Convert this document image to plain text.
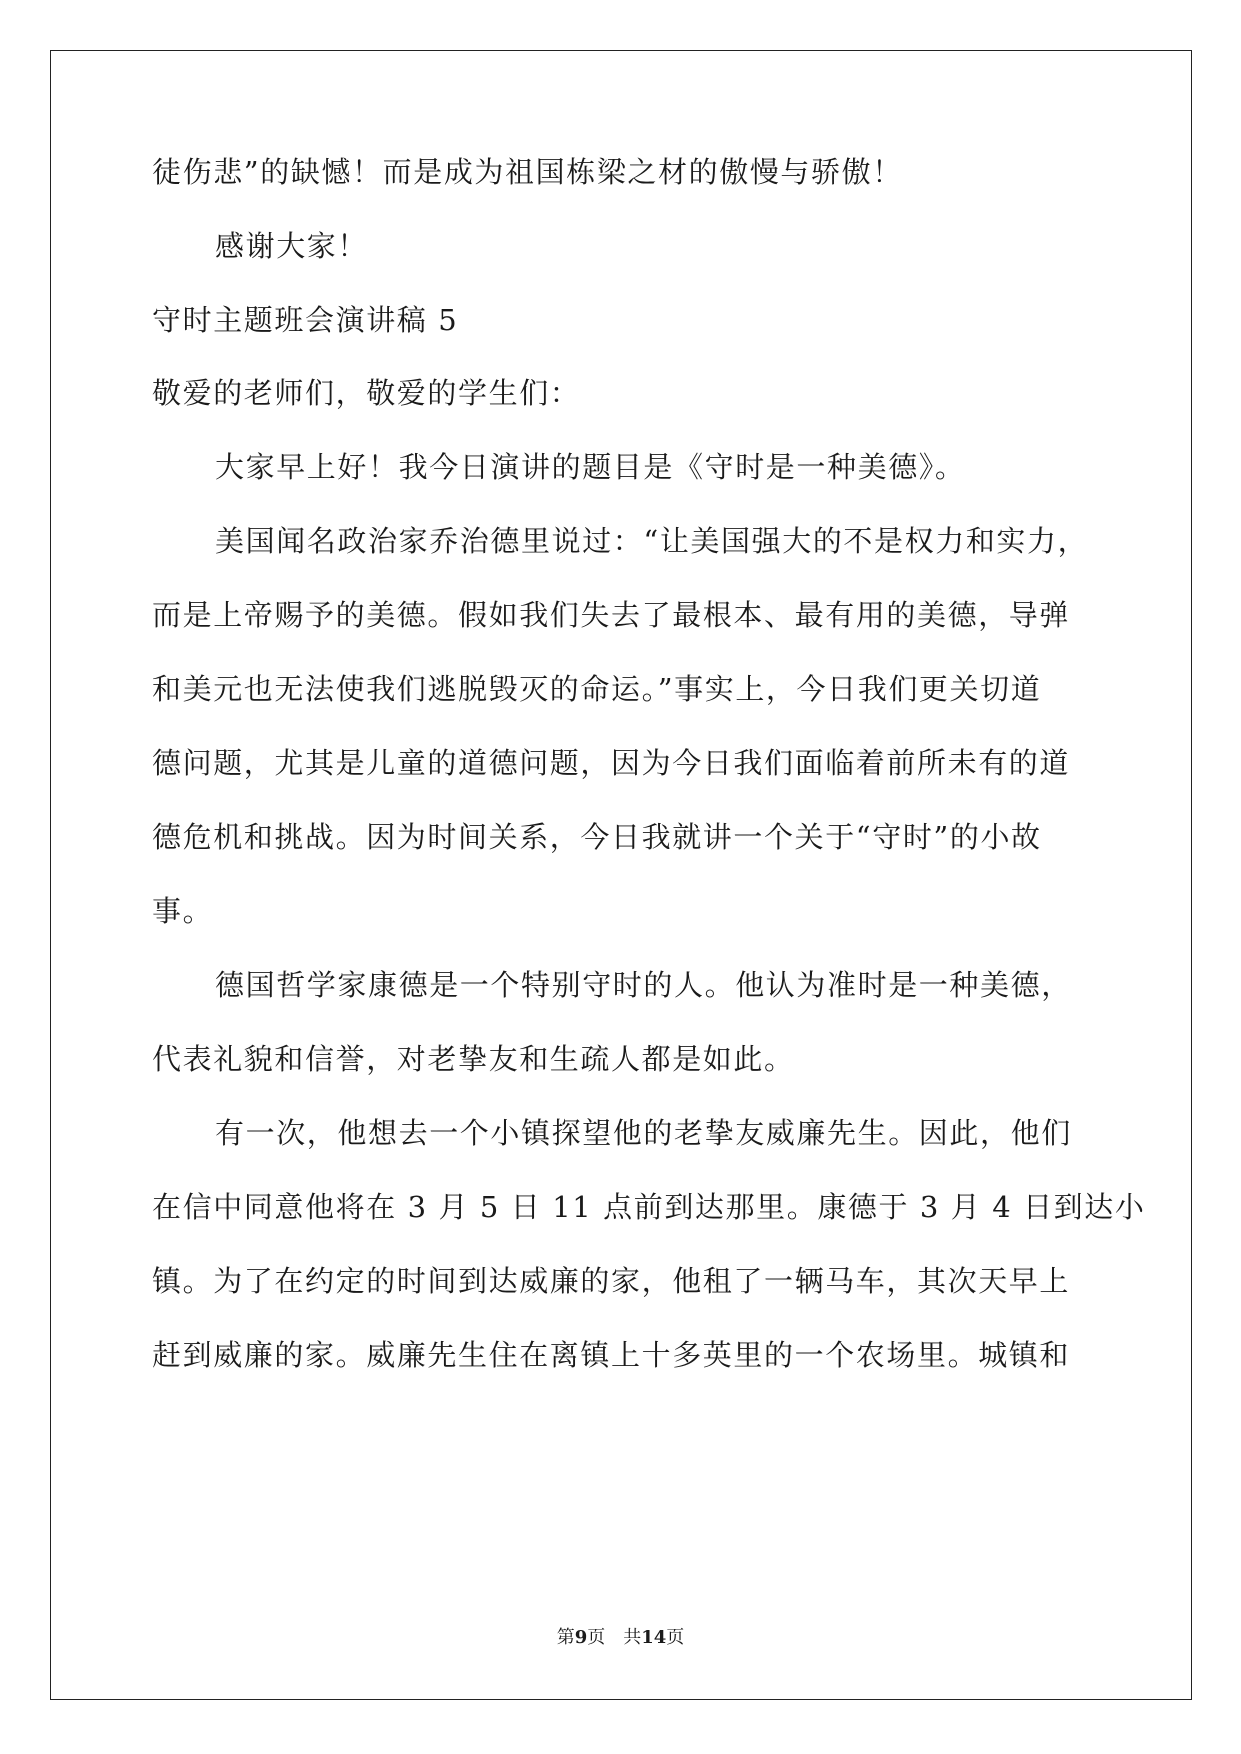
徒伤悲”的缺憾！而是成为祖国栋梁之材的傲慢与骄傲！
感谢大家！
守时主题班会演讲稿 5
敬爱的老师们，敬爱的学生们：
大家早上好！我今日演讲的题目是《守时是一种美德》。
美国闻名政治家乔治德里说过：“让美国强大的不是权力和实力，
而是上帝赐予的美德。假如我们失去了最根本、最有用的美德，导弹
和美元也无法使我们逃脱毁灭的命运。”事实上，今日我们更关切道
德问题，尤其是儿童的道德问题，因为今日我们面临着前所未有的道
德危机和挑战。因为时间关系，今日我就讲一个关于“守时”的小故
事。
德国哲学家康德是一个特别守时的人。他认为准时是一种美德，
代表礼貌和信誉，对老挚友和生疏人都是如此。
有一次，他想去一个小镇探望他的老挚友威廉先生。因此，他们
在信中同意他将在 3 月 5 日 11 点前到达那里。康德于 3 月 4 日到达小
镇。为了在约定的时间到达威廉的家，他租了一辆马车，其次天早上
赶到威廉的家。威廉先生住在离镇上十多英里的一个农场里。城镇和
第9页　共14页
